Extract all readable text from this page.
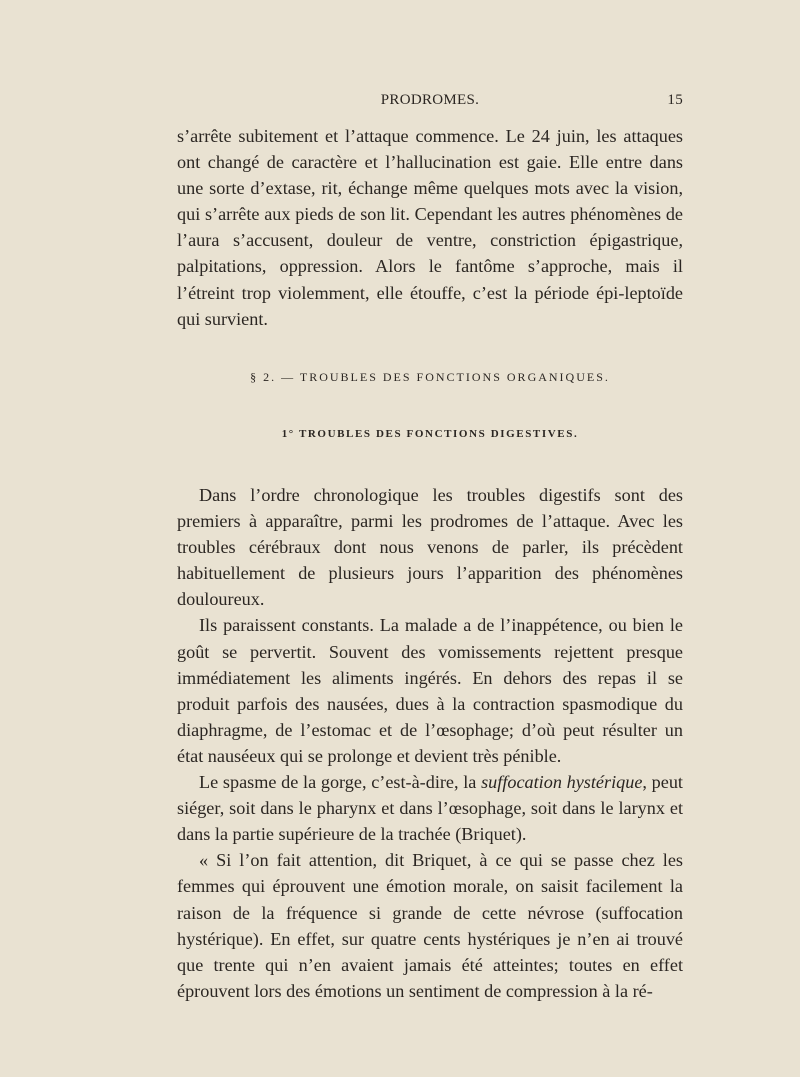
PRODROMES.	15

s’arrête subitement et l’attaque commence. Le 24 juin, les attaques ont changé de caractère et l’hallucination est gaie. Elle entre dans une sorte d’extase, rit, échange même quelques mots avec la vision, qui s’arrête aux pieds de son lit. Cependant les autres phénomènes de l’aura s’accusent, douleur de ventre, constriction épigastrique, palpitations, oppression. Alors le fantôme s’approche, mais il l’étreint trop violemment, elle étouffe, c’est la période épi-leptoïde qui survient.

§ 2. — TROUBLES DES FONCTIONS ORGANIQUES.
1° TROUBLES DES FONCTIONS DIGESTIVES.

Dans l’ordre chronologique les troubles digestifs sont des premiers à apparaître, parmi les prodromes de l’attaque. Avec les troubles cérébraux dont nous venons de parler, ils précèdent habituellement de plusieurs jours l’apparition des phénomènes douloureux.

Ils paraissent constants. La malade a de l’inappétence, ou bien le goût se pervertit. Souvent des vomissements rejettent presque immédiatement les aliments ingérés. En dehors des repas il se produit parfois des nausées, dues à la contraction spasmodique du diaphragme, de l’estomac et de l’œsophage; d’où peut résulter un état nauséeux qui se prolonge et devient très pénible.

Le spasme de la gorge, c’est-à-dire, la suffocation hystérique, peut siéger, soit dans le pharynx et dans l’œsophage, soit dans le larynx et dans la partie supérieure de la trachée (Briquet).

« Si l’on fait attention, dit Briquet, à ce qui se passe chez les femmes qui éprouvent une émotion morale, on saisit facilement la raison de la fréquence si grande de cette névrose (suffocation hystérique). En effet, sur quatre cents hystériques je n’en ai trouvé que trente qui n’en avaient jamais été atteintes; toutes en effet éprouvent lors des émotions un sentiment de compression à la ré-
